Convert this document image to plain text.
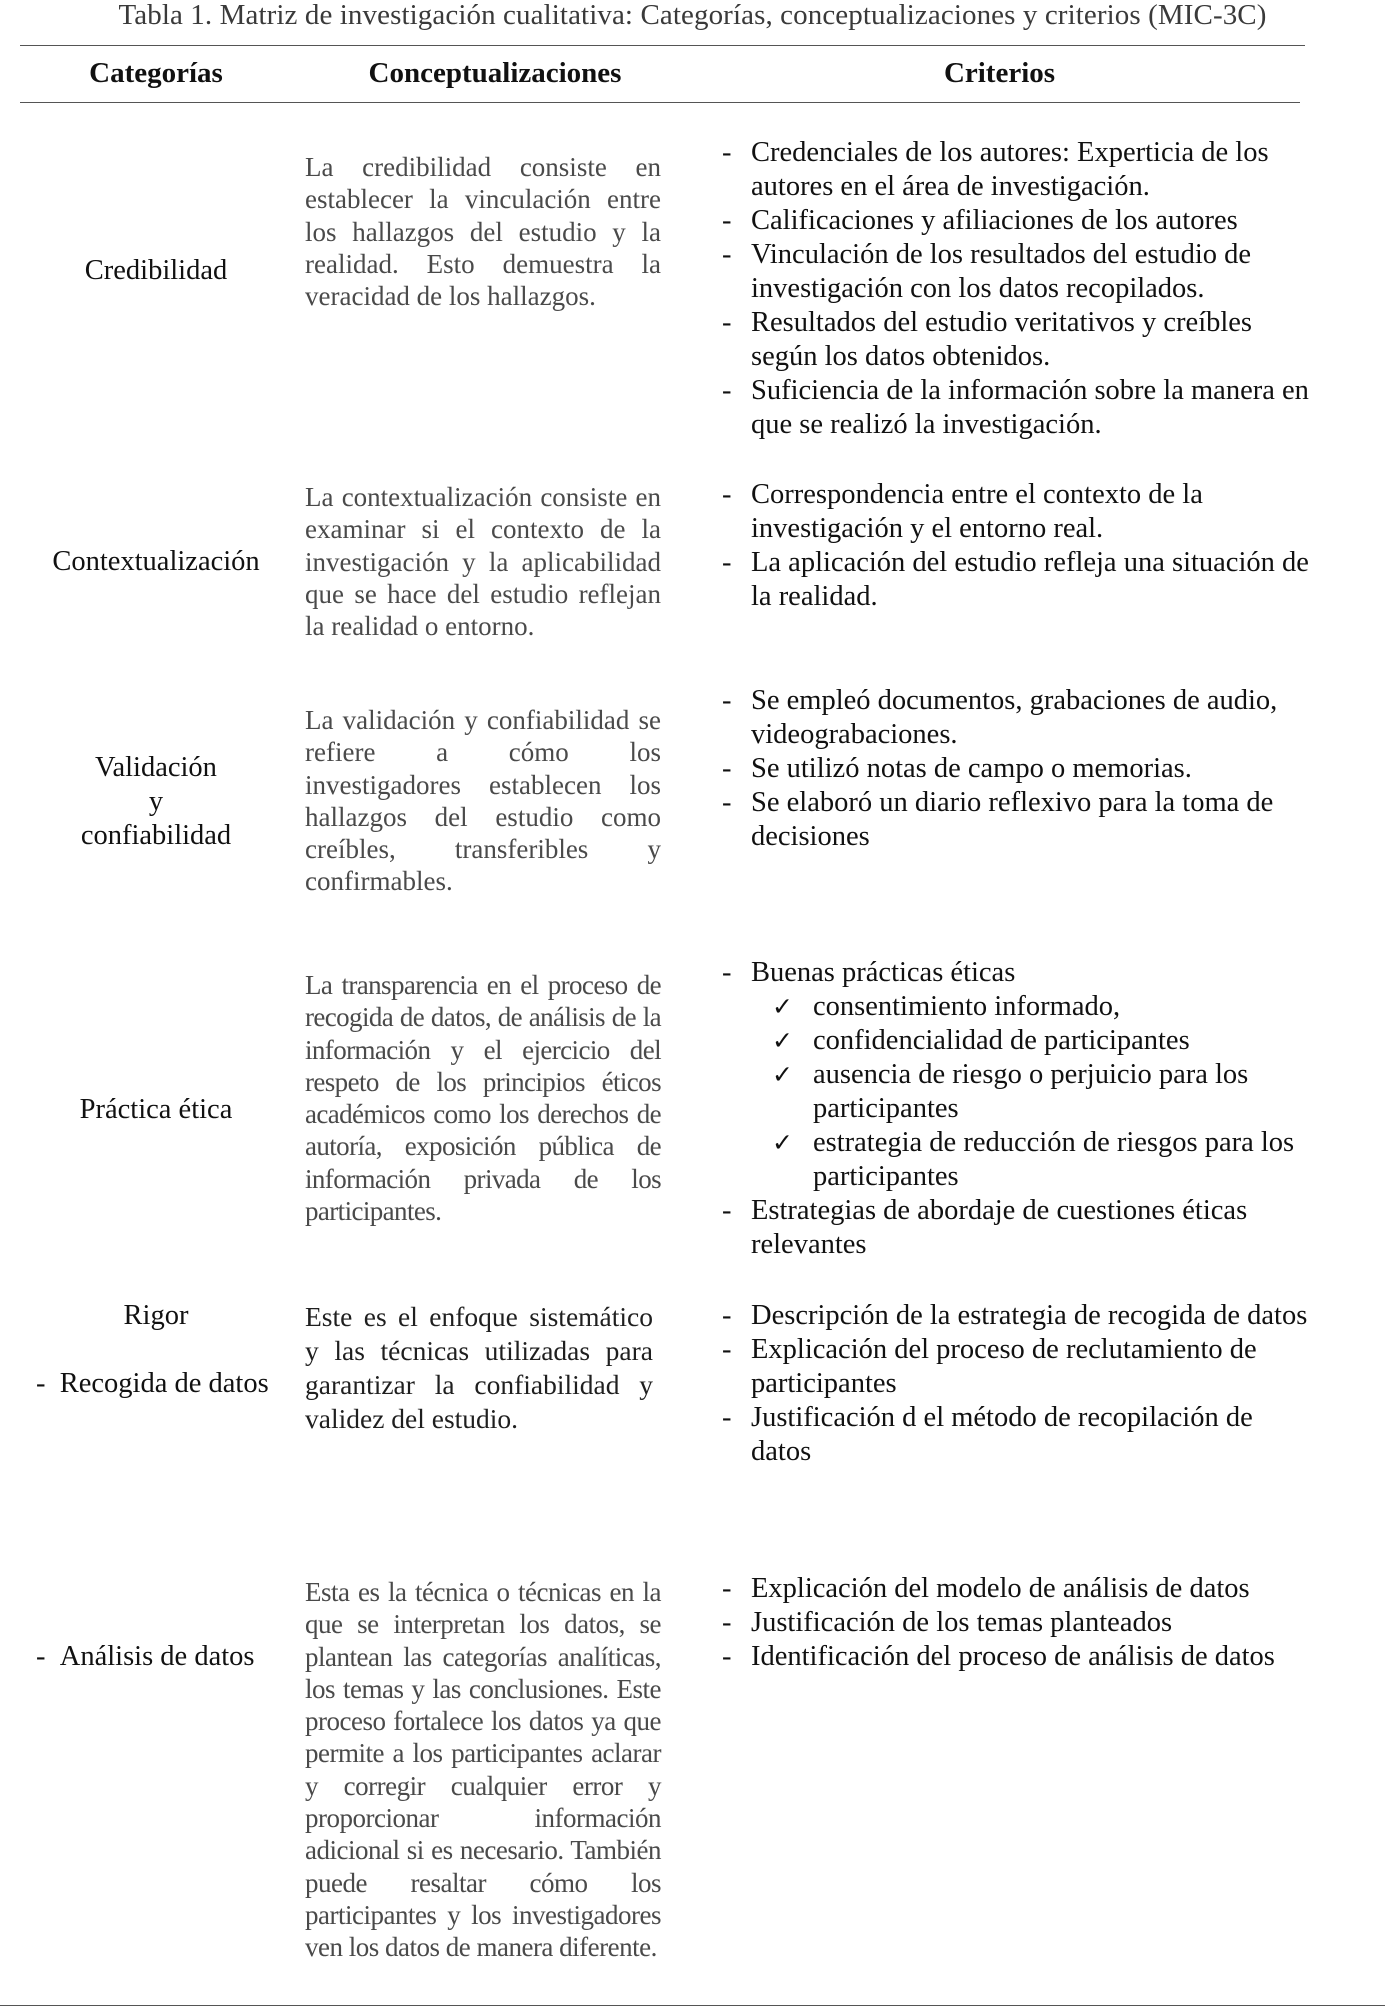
Tabla 1. Matriz de investigación cualitativa: Categorías, conceptualizaciones y criterios (MIC-3C)
Categorías	Conceptualizaciones	Criterios
Credibilidad
La credibilidad consiste en establecer la vinculación entre los hallazgos del estudio y la realidad. Esto demuestra la veracidad de los hallazgos.
- Credenciales de los autores: Experticia de los autores en el área de investigación.
- Calificaciones y afiliaciones de los autores
- Vinculación de los resultados del estudio de investigación con los datos recopilados.
- Resultados del estudio veritativos y creíbles según los datos obtenidos.
- Suficiencia de la información sobre la manera en que se realizó la investigación.
Contextualización
La contextualización consiste en examinar si el contexto de la investigación y la aplicabilidad que se hace del estudio reflejan la realidad o entorno.
- Correspondencia entre el contexto de la investigación y el entorno real.
- La aplicación del estudio refleja una situación de la realidad.
Validación
y
confiabilidad
La validación y confiabilidad se refiere a cómo los investigadores establecen los hallazgos del estudio como creíbles, transferibles y confirmables.
- Se empleó documentos, grabaciones de audio, videograbaciones.
- Se utilizó notas de campo o memorias.
- Se elaboró un diario reflexivo para la toma de decisiones
Práctica ética
La transparencia en el proceso de recogida de datos, de análisis de la información y el ejercicio del respeto de los principios éticos académicos como los derechos de autoría, exposición pública de información privada de los participantes.
- Buenas prácticas éticas
✓ consentimiento informado,
✓ confidencialidad de participantes
✓ ausencia de riesgo o perjuicio para los participantes
✓ estrategia de reducción de riesgos para los participantes
- Estrategias de abordaje de cuestiones éticas relevantes
Rigor
- Recogida de datos
Este es el enfoque sistemático y las técnicas utilizadas para garantizar la confiabilidad y validez del estudio.
- Descripción de la estrategia de recogida de datos
- Explicación del proceso de reclutamiento de participantes
- Justificación d el método de recopilación de datos
- Análisis de datos
Esta es la técnica o técnicas en la que se interpretan los datos, se plantean las categorías analíticas, los temas y las conclusiones. Este proceso fortalece los datos ya que permite a los participantes aclarar y corregir cualquier error y proporcionar información adicional si es necesario. También puede resaltar cómo los participantes y los investigadores ven los datos de manera diferente.
- Explicación del modelo de análisis de datos
- Justificación de los temas planteados
- Identificación del proceso de análisis de datos
